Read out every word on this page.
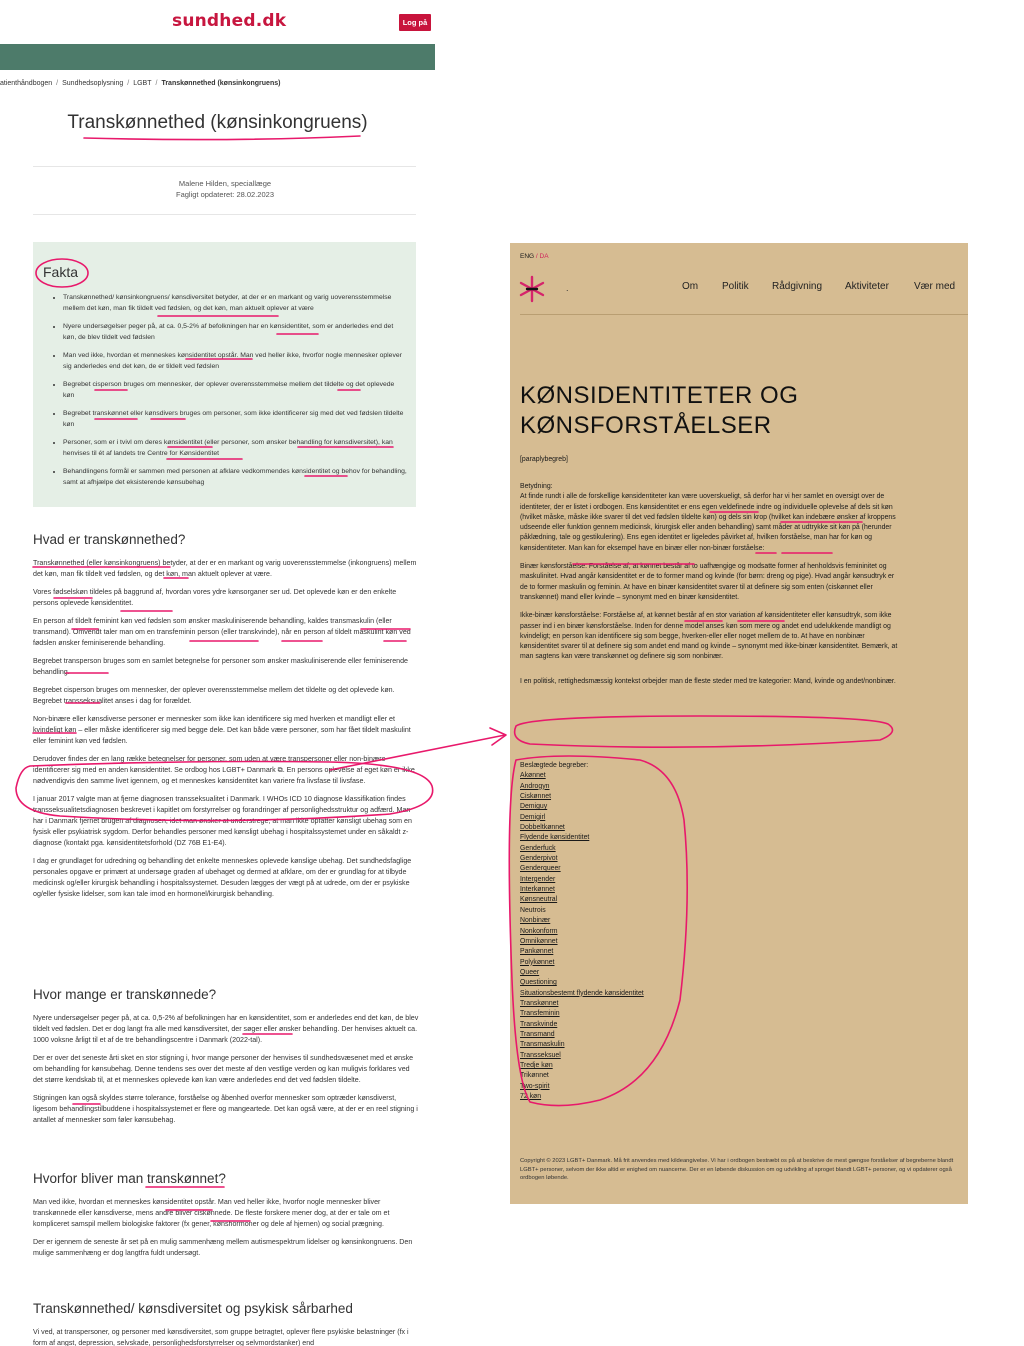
sundhed.dk	Log på
atienthåndbogen / Sundhedsoplysning / LGBT / Transkønnethed (kønsinkongruens)
Transkønnethed (kønsinkongruens)
Malene Hilden, speciallæge
Fagligt opdateret: 28.02.2023
Fakta
• Transkønnethed/ kønsinkongruens/ kønsdiversitet betyder, at der er en markant og varig uoverensstemmelse mellem det køn, man fik tildelt ved fødslen, og det køn, man aktuelt oplever at være
• Nyere undersøgelser peger på, at ca. 0,5-2% af befolkningen har en kønsidentitet, som er anderledes end det køn, de blev tildelt ved fødslen
• Man ved ikke, hvordan et menneskes kønsidentitet opstår. Man ved heller ikke, hvorfor nogle mennesker oplever sig anderledes end det køn, de er tildelt ved fødslen
• Begrebet cisperson bruges om mennesker, der oplever overensstemmelse mellem det tildelte og det oplevede køn
• Begrebet transkønnet eller kønsdivers bruges om personer, som ikke identificerer sig med det ved fødslen tildelte køn
• Personer, som er i tvivl om deres kønsidentitet (eller personer, som ønsker behandling for kønsdiversitet), kan henvises til ét af landets tre Centre for Kønsidentitet
• Behandlingens formål er sammen med personen at afklare vedkommendes kønsidentitet og behov for behandling, samt at afhjælpe det eksisterende kønsubehag
Hvad er transkønnethed?

Transkønnethed (eller kønsinkongruens) betyder, at der er en markant og varig uoverensstemmelse (inkongruens) mellem det køn, man fik tildelt ved fødslen, og det køn, man aktuelt oplever at være.

Vores fødselskøn tildeles på baggrund af, hvordan vores ydre kønsorganer ser ud. Det oplevede køn er den enkelte persons oplevede kønsidentitet.

En person af tildelt feminint køn ved fødslen som ønsker maskuliniserende behandling, kaldes transmaskulin (eller transmand). Omvendt taler man om en transfeminin person (eller transkvinde), når en person af tildelt maskulint køn ved fødslen ønsker feminiserende behandling.

Begrebet transperson bruges som en samlet betegnelse for personer som ønsker maskuliniserende eller feminiserende behandling.

Begrebet cisperson bruges om mennesker, der oplever overensstemmelse mellem det tildelte og det oplevede køn. Begrebet transseksualitet anses i dag for forældet.

Non-binære eller kønsdiverse personer er mennesker som ikke kan identificere sig med hverken et mandligt eller et kvindeligt køn – eller måske identificerer sig med begge dele. Det kan både være personer, som har fået tildelt maskulint eller feminint køn ved fødslen.

Derudover findes der en lang række betegnelser for personer, som uden at være transpersoner eller non-binære identificerer sig med en anden kønsidentitet. Se ordbog hos LGBT+ Danmark ⧉. En persons oplevelse af eget køn er ikke nødvendigvis den samme livet igennem, og et menneskes kønsidentitet kan variere fra livsfase til livsfase.

I januar 2017 valgte man at fjerne diagnosen transseksualitet i Danmark. I WHOs ICD 10 diagnose klassifikation findes transseksualitetsdiagnosen beskrevet i kapitlet om forstyrrelser og forandringer af personlighedsstruktur og adfærd. Man har i Danmark fjernet brugen af diagnosen, idet man ønsker at understrege, at man ikke opfatter kønsligt ubehag som en fysisk eller psykiatrisk sygdom. Derfor behandles personer med kønsligt ubehag i hospitalssystemet under en såkaldt z- diagnose (kontakt pga. kønsidentitetsforhold (DZ 76B E1-E4).

I dag er grundlaget for udredning og behandling det enkelte menneskes oplevede kønslige ubehag. Det sundhedsfaglige personales opgave er primært at undersøge graden af ubehaget og dermed at afklare, om der er grundlag for at tilbyde medicinsk og/eller kirurgisk behandling i hospitalssystemet. Desuden lægges der vægt på at udrede, om der er psykiske og/eller fysiske lidelser, som kan tale imod en hormonel/kirurgisk behandling.

Hvor mange er transkønnede?

Nyere undersøgelser peger på, at ca. 0,5-2% af befolkningen har en kønsidentitet, som er anderledes end det køn, de blev tildelt ved fødslen. Det er dog langt fra alle med kønsdiversitet, der søger eller ønsker behandling. Der henvises aktuelt ca. 1000 voksne årligt til et af de tre behandlingscentre i Danmark (2022-tal).

Der er over det seneste årti sket en stor stigning i, hvor mange personer der henvises til sundhedsvæsenet med et ønske om behandling for kønsubehag. Denne tendens ses over det meste af den vestlige verden og kan muligvis forklares ved det større kendskab til, at et menneskes oplevede køn kan være anderledes end det ved fødslen tildelte.

Stigningen kan også skyldes større tolerance, forståelse og åbenhed overfor mennesker som optræder kønsdiverst, ligesom behandlingstilbuddene i hospitalssystemet er flere og mangeartede. Det kan også være, at der er en reel stigning i antallet af mennesker som føler kønsubehag.

Hvorfor bliver man transkønnet?

Man ved ikke, hvordan et menneskes kønsidentitet opstår. Man ved heller ikke, hvorfor nogle mennesker bliver transkønnede eller kønsdiverse, mens andre bliver ciskønnede. De fleste forskere mener dog, at der er tale om et kompliceret samspil mellem biologiske faktorer (fx gener, kønshormoner og dele af hjernen) og social prægning.

Der er igennem de seneste år set på en mulig sammenhæng mellem autismespektrum lidelser og kønsinkongruens. Den mulige sammenhæng er dog langtfra fuldt undersøgt.

Transkønnethed/ kønsdiversitet og psykisk sårbarhed

Vi ved, at transpersoner, og personer med kønsdiversitet, som gruppe betragtet, oplever flere psykiske belastninger (fx i form af angst, depression, selvskade, personlighedsforstyrrelser og selvmordstanker) end

ENG / DA
.	Om Politik Rådgivning Aktiviteter	Vær med
KØNSIDENTITETER OG
KØNSFORSTÅELSER
[paraplybegreb]

Betydning:
At finde rundt i alle de forskellige kønsidentiteter kan være uoverskueligt, så derfor har vi her samlet en oversigt over de identiteter, der er listet i ordbogen. Ens kønsidentitet er ens egen veldefinede indre og individuelle oplevelse af dels sit køn (hvilket måske, måske ikke svarer til det ved fødslen tildelte køn) og dels sin krop (hvilket kan indebære ønsker af kroppens udseende eller funktion gennem medicinsk, kirurgisk eller anden behandling) samt måder at udtrykke sit køn på (herunder påklædning, tale og gestikulering). Ens egen identitet er ligeledes påvirket af, hvilken forståelse, man har for køn og kønsidentiteter. Man kan for eksempel have en binær eller non-binær forståelse:

Binær kønsforståelse: Forståelse af, at kønnet består af to uafhængige og modsatte former af henholdsvis femininitet og maskulinitet. Hvad angår kønsidentitet er de to former mand og kvinde (for børn: dreng og pige). Hvad angår kønsudtryk er de to former maskulin og feminin. At have en binær kønsidentitet svarer til at definere sig som enten (ciskønnet eller transkønnet) mand eller kvinde – synonymt med en binær kønsidentitet.

Ikke-binær kønsforståelse: Forståelse af, at kønnet består af en stor variation af kønsidentiteter eller kønsudtryk, som ikke passer ind i en binær kønsforståelse. Inden for denne model anses køn som mere og andet end udelukkende mandligt og kvindeligt; en person kan identificere sig som begge, hverken-eller eller noget mellem de to. At have en nonbinær kønsidentitet svarer til at definere sig som andet end mand og kvinde – synonymt med ikke-binær kønsidentitet. Bemærk, at man sagtens kan være transkønnet og definere sig som nonbinær.

I en politisk, rettighedsmæssig kontekst orbejder man de fleste steder med tre kategorier: Mand, kvinde og andet/nonbinær.

Beslægtede begreber:
Akønnet
Androgyn
Ciskønnet
Demiguy
Demigirl
Dobbeltkønnet
Flydende kønsidentitet
Genderfuck
Genderpivot
Genderqueer
Intergender
Interkønnet
Kønsneutral
Neutrois
Nonbinær
Nonkonform
Omnikønnet
Pankønnet
Polykønnet
Queer
Questioning
Situationsbestemt flydende kønsidentitet
Transkønnet
Transfeminin
Transkvinde
Transmand
Transmaskulin
Transseksuel
Tredje køn
Trikønnet
Two-spirit
72 køn
Copyright © 2023 LGBT+ Danmark. Må frit anvendes med kildeangivelse. Vi har i ordbogen bestræbt os på at beskrive de mest gængse forståelser af begreberne blandt LGBT+ personer, selvom der ikke altid er enighed om nuancerne. Der er en løbende diskussion om og udvikling af sproget blandt LGBT+ personer, og vi opdaterer også ordbogen løbende.
